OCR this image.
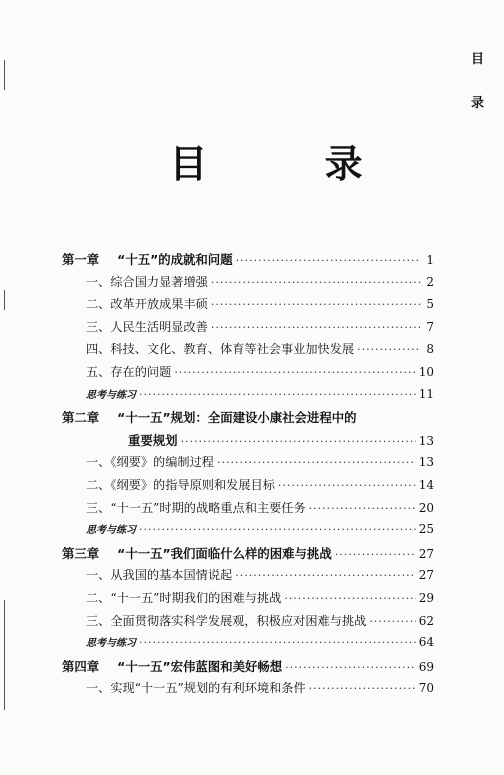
目
录
目 录
第一章 “十五”的成就和问题 ·····	1
一、综合国力显著增强 ·····	2
二、改革开放成果丰硕 ·····	5
三、人民生活明显改善 ·····	7
四、科技、文化、教育、体育等社会事业加快发展 ·····	8
五、存在的问题 ·····	10
思考与练习 ·····	11
第二章 “十一五”规划：全面建设小康社会进程中的
重要规划 ·····	13
一、《纲要》的编制过程 ·····	13
二、《纲要》的指导原则和发展目标 ·····	14
三、“十一五”时期的战略重点和主要任务 ·····	20
思考与练习 ·····	25
第三章 “十一五”我们面临什么样的困难与挑战 ·····	27
一、从我国的基本国情说起 ·····	27
二、“十一五”时期我们的困难与挑战 ·····	29
三、全面贯彻落实科学发展观，积极应对困难与挑战 ·····	62
思考与练习 ·····	64
第四章 “十一五”宏伟蓝图和美好畅想 ·····	69
一、实现“十一五”规划的有利环境和条件 ·····	70
